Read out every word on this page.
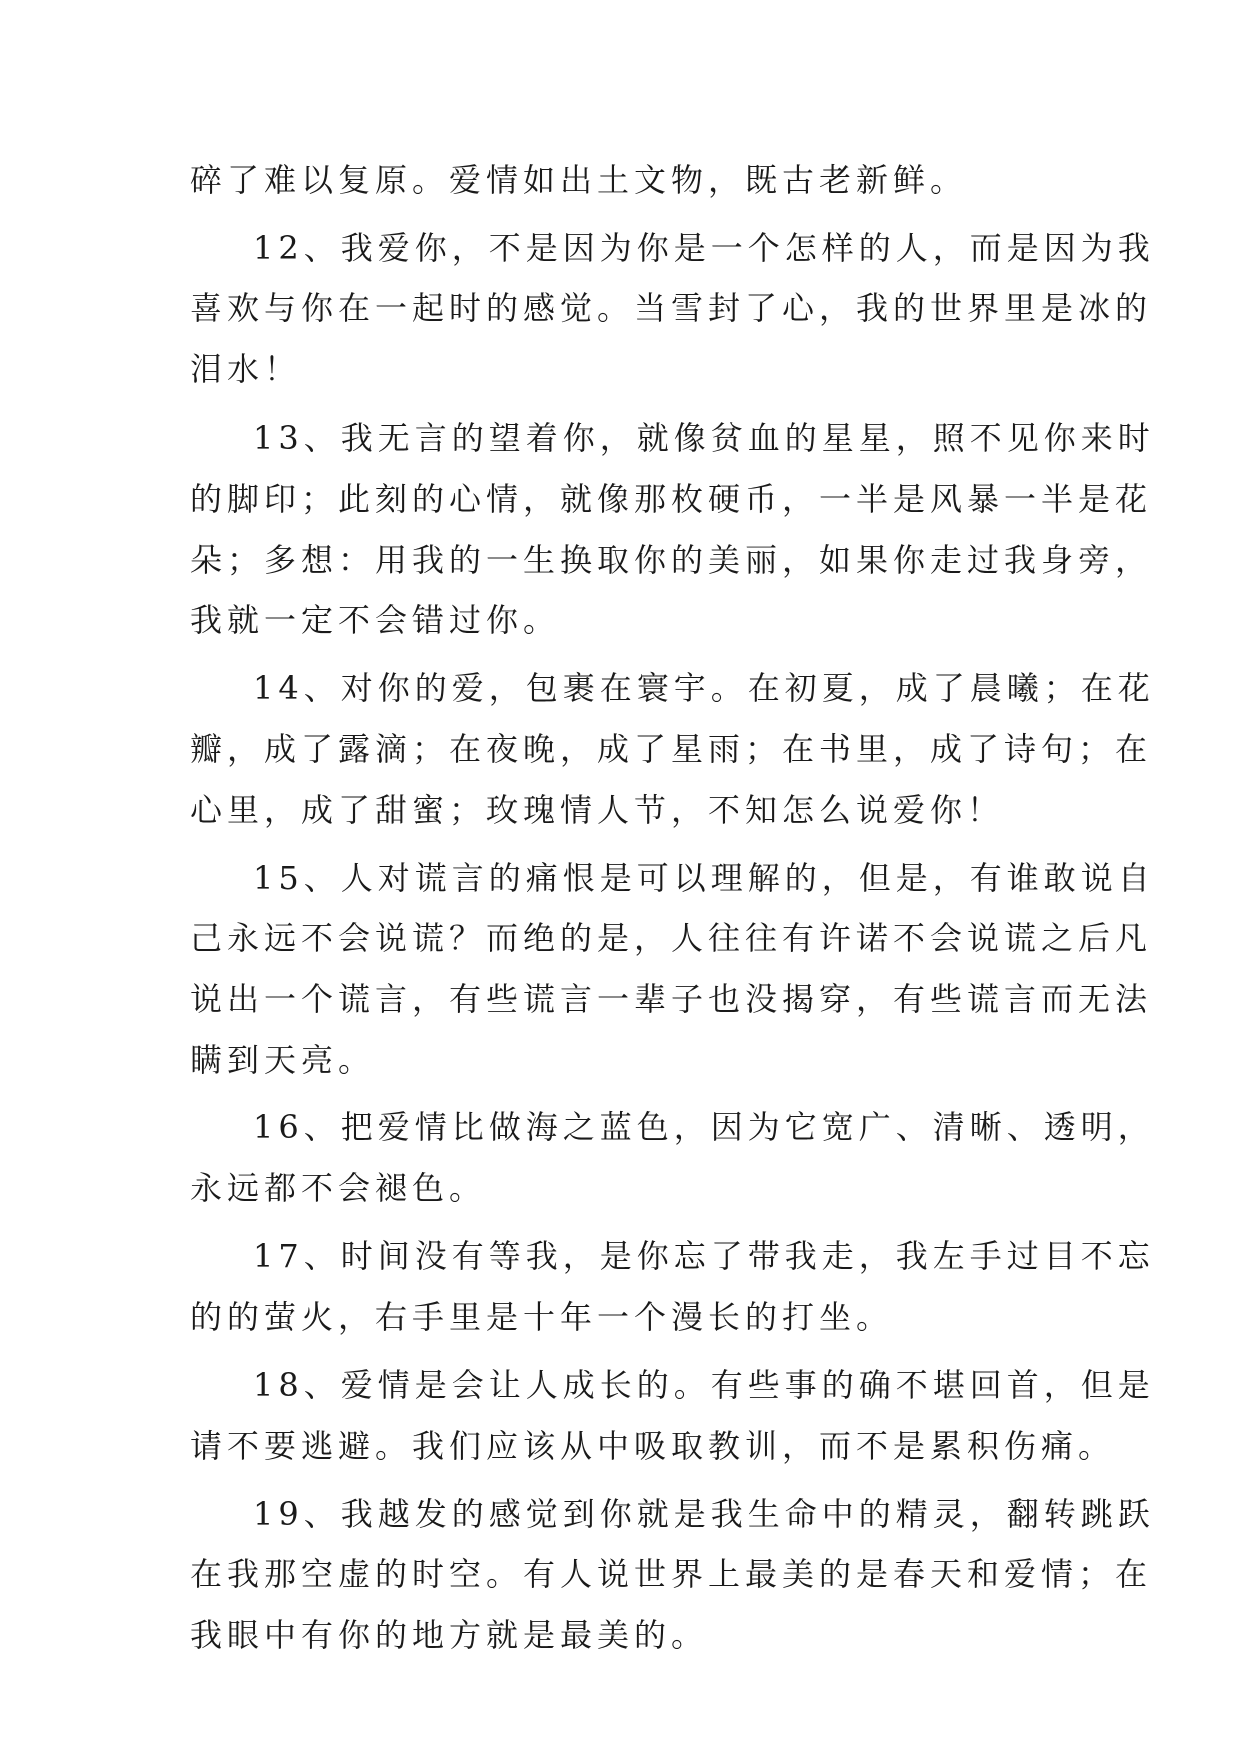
碎了难以复原。爱情如出土文物，既古老新鲜。
12、我爱你，不是因为你是一个怎样的人，而是因为我
喜欢与你在一起时的感觉。当雪封了心，我的世界里是冰的
泪水！
13、我无言的望着你，就像贫血的星星，照不见你来时
的脚印；此刻的心情，就像那枚硬币，一半是风暴一半是花
朵；多想：用我的一生换取你的美丽，如果你走过我身旁，
我就一定不会错过你。
14、对你的爱，包裹在寰宇。在初夏，成了晨曦；在花
瓣，成了露滴；在夜晚，成了星雨；在书里，成了诗句；在
心里，成了甜蜜；玫瑰情人节，不知怎么说爱你！
15、人对谎言的痛恨是可以理解的，但是，有谁敢说自
己永远不会说谎？而绝的是，人往往有许诺不会说谎之后凡
说出一个谎言，有些谎言一辈子也没揭穿，有些谎言而无法
瞒到天亮。
16、把爱情比做海之蓝色，因为它宽广、清晰、透明，
永远都不会褪色。
17、时间没有等我，是你忘了带我走，我左手过目不忘
的的萤火，右手里是十年一个漫长的打坐。
18、爱情是会让人成长的。有些事的确不堪回首，但是
请不要逃避。我们应该从中吸取教训，而不是累积伤痛。
19、我越发的感觉到你就是我生命中的精灵，翻转跳跃
在我那空虚的时空。有人说世界上最美的是春天和爱情；在
我眼中有你的地方就是最美的。
